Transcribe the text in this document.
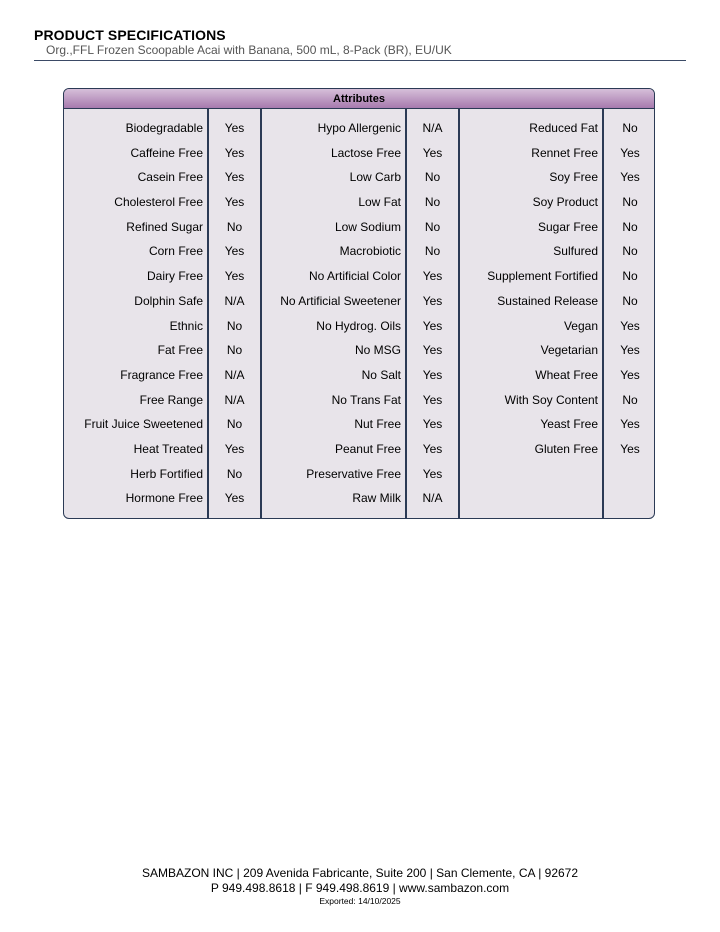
PRODUCT SPECIFICATIONS
Org.,FFL Frozen Scoopable Acai with Banana, 500 mL, 8-Pack (BR), EU/UK
Attributes
Biodegradable
Caffeine Free
Casein Free
Cholesterol Free
Refined Sugar
Corn Free
Dairy Free
Dolphin Safe
Ethnic
Fat Free
Fragrance Free
Free Range
Fruit Juice Sweetened
Heat Treated
Herb Fortified
Hormone Free
Yes
Yes
Yes
Yes
No
Yes
Yes
N/A
No
No
N/A
N/A
No
Yes
No
Yes
Hypo Allergenic
Lactose Free
Low Carb
Low Fat
Low Sodium
Macrobiotic
No Artificial Color
No Artificial Sweetener
No Hydrog. Oils
No MSG
No Salt
No Trans Fat
Nut Free
Peanut Free
Preservative Free
Raw Milk
N/A
Yes
No
No
No
No
Yes
Yes
Yes
Yes
Yes
Yes
Yes
Yes
Yes
N/A
Reduced Fat
Rennet Free
Soy Free
Soy Product
Sugar Free
Sulfured
Supplement Fortified
Sustained Release
Vegan
Vegetarian
Wheat Free
With Soy Content
Yeast Free
Gluten Free
No
Yes
Yes
No
No
No
No
No
Yes
Yes
Yes
No
Yes
Yes
SAMBAZON INC | 209 Avenida Fabricante, Suite 200 | San Clemente, CA | 92672
P 949.498.8618 | F 949.498.8619 | www.sambazon.com
Exported: 14/10/2025
